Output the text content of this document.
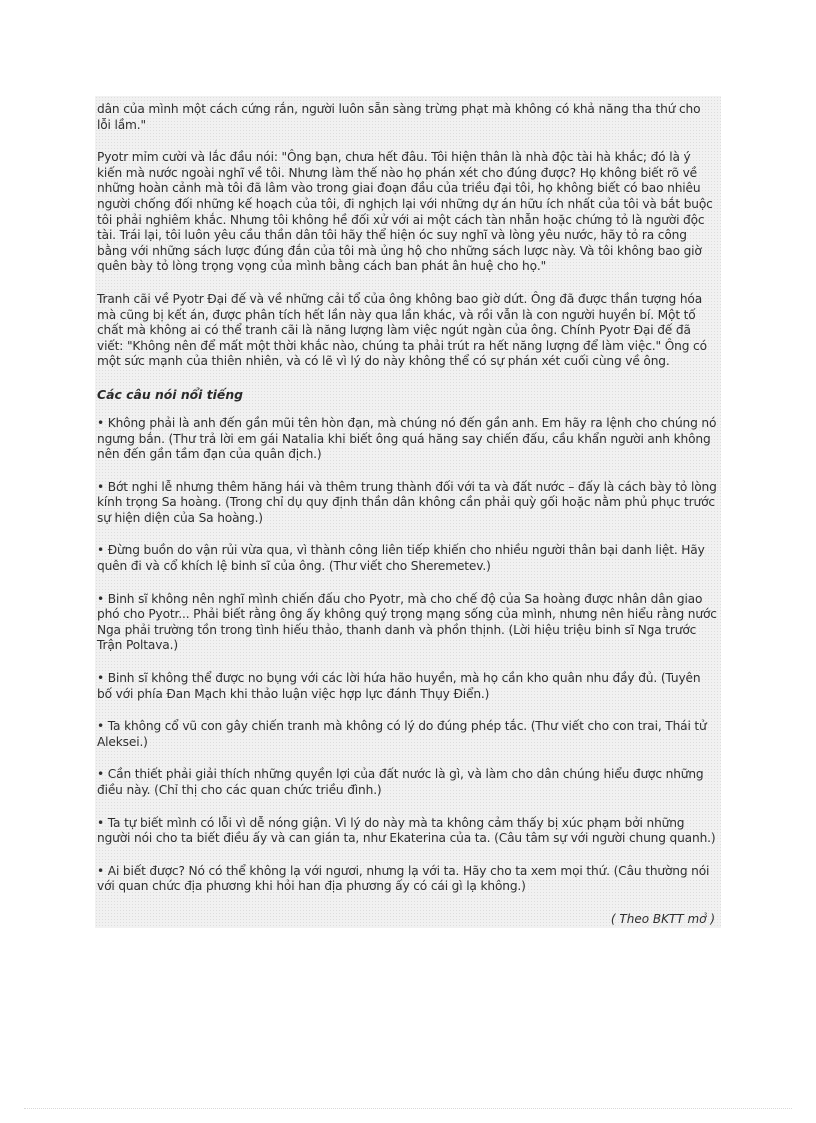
dân của mình một cách cứng rắn, người luôn sẵn sàng trừng phạt mà không có khả năng tha thứ cho lỗi lầm."

Pyotr mỉm cười và lắc đầu nói: "Ông bạn, chưa hết đâu. Tôi hiện thân là nhà độc tài hà khắc; đó là ý kiến mà nước ngoài nghĩ về tôi. Nhưng làm thế nào họ phán xét cho đúng được? Họ không biết rõ về những hoàn cảnh mà tôi đã lâm vào trong giai đoạn đầu của triều đại tôi, họ không biết có bao nhiêu người chống đối những kế hoạch của tôi, đi nghịch lại với những dự án hữu ích nhất của tôi và bắt buộc tôi phải nghiêm khắc. Nhưng tôi không hề đối xử với ai một cách tàn nhẫn hoặc chứng tỏ là người độc tài. Trái lại, tôi luôn yêu cầu thần dân tôi hãy thể hiện óc suy nghĩ và lòng yêu nước, hãy tỏ ra công bằng với những sách lược đúng đắn của tôi mà ủng hộ cho những sách lược này. Và tôi không bao giờ quên bày tỏ lòng trọng vọng của mình bằng cách ban phát ân huệ cho họ."

Tranh cãi về Pyotr Đại đế và về những cải tổ của ông không bao giờ dứt. Ông đã được thần tượng hóa mà cũng bị kết án, được phân tích hết lần này qua lần khác, và rồi vẫn là con người huyền bí. Một tố chất mà không ai có thể tranh cãi là năng lượng làm việc ngút ngàn của ông. Chính Pyotr Đại đế đã viết: "Không nên để mất một thời khắc nào, chúng ta phải trút ra hết năng lượng để làm việc." Ông có một sức mạnh của thiên nhiên, và có lẽ vì lý do này không thể có sự phán xét cuối cùng về ông.

Các câu nói nổi tiếng

• Không phải là anh đến gần mũi tên hòn đạn, mà chúng nó đến gần anh. Em hãy ra lệnh cho chúng nó ngưng bắn. (Thư trả lời em gái Natalia khi biết ông quá hăng say chiến đấu, cầu khẩn người anh không nên đến gần tầm đạn của quân địch.)

• Bớt nghi lễ nhưng thêm hăng hái và thêm trung thành đối với ta và đất nước – đấy là cách bày tỏ lòng kính trọng Sa hoàng. (Trong chỉ dụ quy định thần dân không cần phải quỳ gối hoặc nằm phủ phục trước sự hiện diện của Sa hoàng.)

• Đừng buồn do vận rủi vừa qua, vì thành công liên tiếp khiến cho nhiều người thân bại danh liệt. Hãy quên đi và cổ khích lệ binh sĩ của ông. (Thư viết cho Sheremetev.)

• Binh sĩ không nên nghĩ mình chiến đấu cho Pyotr, mà cho chế độ của Sa hoàng được nhân dân giao phó cho Pyotr... Phải biết rằng ông ấy không quý trọng mạng sống của mình, nhưng nên hiểu rằng nước Nga phải trường tồn trong tình hiếu thảo, thanh danh và phồn thịnh. (Lời hiệu triệu binh sĩ Nga trước Trận Poltava.)

• Binh sĩ không thể được no bụng với các lời hứa hão huyền, mà họ cần kho quân nhu đầy đủ. (Tuyên bố với phía Đan Mạch khi thảo luận việc hợp lực đánh Thụy Điển.)

• Ta không cổ vũ con gây chiến tranh mà không có lý do đúng phép tắc. (Thư viết cho con trai, Thái tử Aleksei.)

• Cần thiết phải giải thích những quyền lợi của đất nước là gì, và làm cho dân chúng hiểu được những điều này. (Chỉ thị cho các quan chức triều đình.)

• Ta tự biết mình có lỗi vì dễ nóng giận. Vì lý do này mà ta không cảm thấy bị xúc phạm bởi những người nói cho ta biết điều ấy và can gián ta, như Ekaterina của ta. (Câu tâm sự với người chung quanh.)

• Ai biết được? Nó có thể không lạ với ngươi, nhưng lạ với ta. Hãy cho ta xem mọi thứ. (Câu thường nói với quan chức địa phương khi hỏi han địa phương ấy có cái gì lạ không.)

( Theo BKTT mở )
